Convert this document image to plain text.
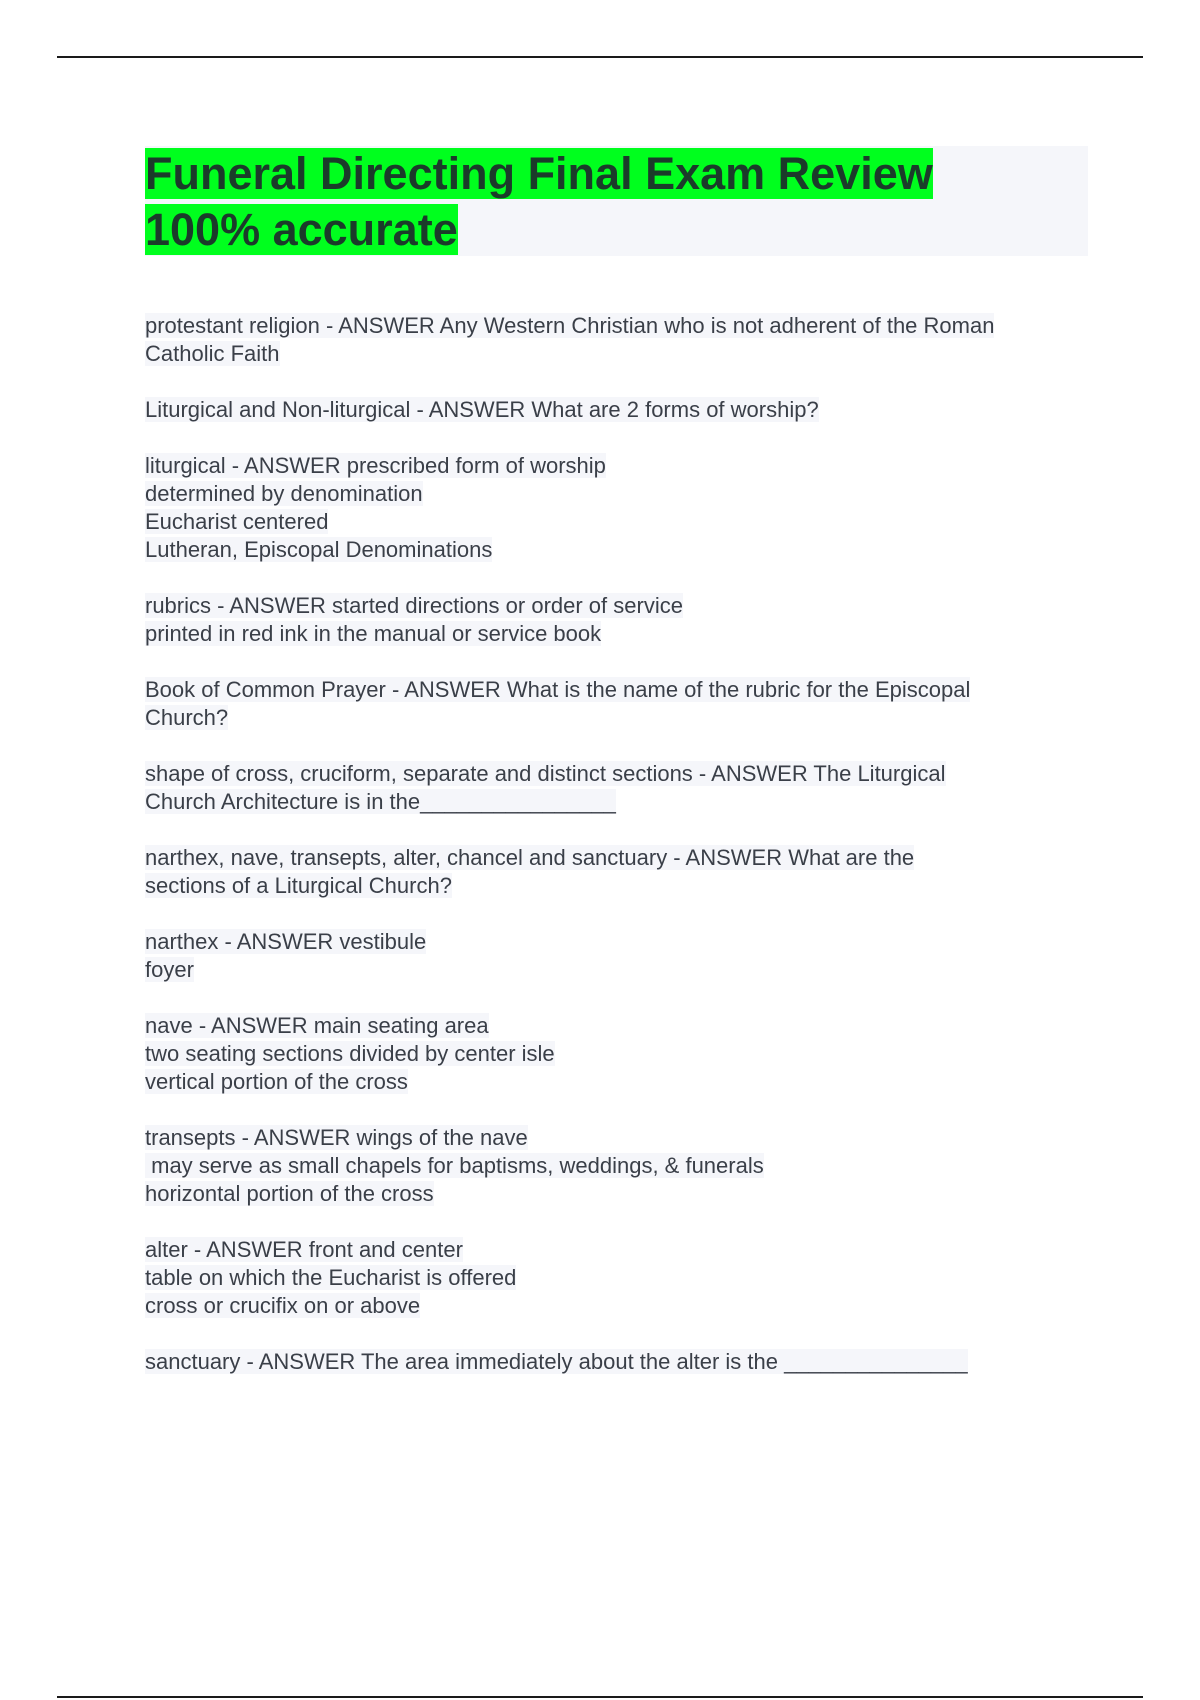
Funeral Directing Final Exam Review
100% accurate
protestant religion - ANSWER Any Western Christian who is not adherent of the Roman
Catholic Faith
Liturgical and Non-liturgical - ANSWER What are 2 forms of worship?
liturgical - ANSWER prescribed form of worship
determined by denomination
Eucharist centered
Lutheran, Episcopal Denominations
rubrics - ANSWER started directions or order of service
printed in red ink in the manual or service book
Book of Common Prayer - ANSWER What is the name of the rubric for the Episcopal
Church?
shape of cross, cruciform, separate and distinct sections - ANSWER The Liturgical
Church Architecture is in the________________
narthex, nave, transepts, alter, chancel and sanctuary - ANSWER What are the
sections of a Liturgical Church?
narthex - ANSWER vestibule
foyer
nave - ANSWER main seating area
two seating sections divided by center isle
vertical portion of the cross
transepts - ANSWER wings of the nave
may serve as small chapels for baptisms, weddings, & funerals
horizontal portion of the cross
alter - ANSWER front and center
table on which the Eucharist is offered
cross or crucifix on or above
sanctuary - ANSWER The area immediately about the alter is the _______________
